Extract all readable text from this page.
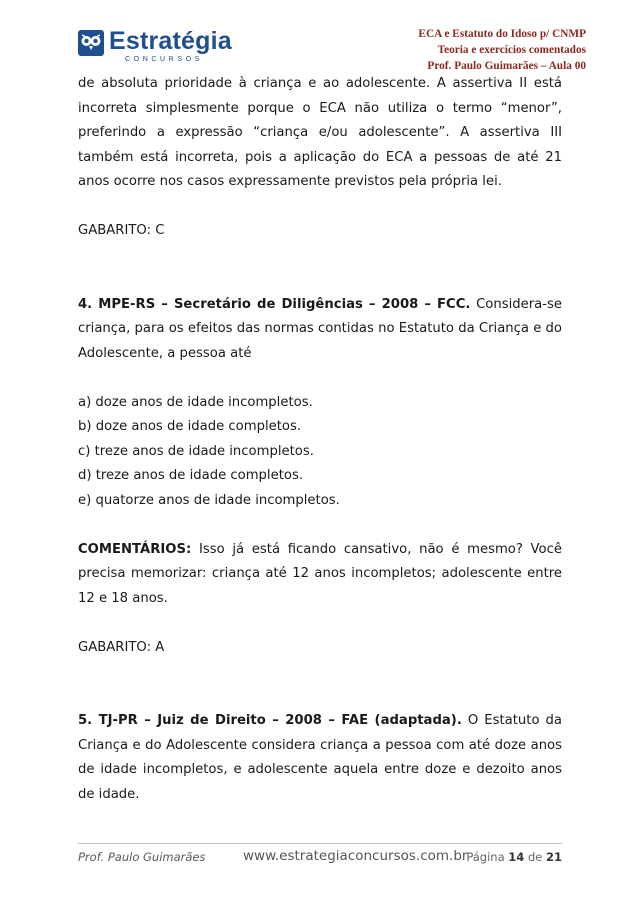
Estratégia
CONCURSOS
ECA e Estatuto do Idoso p/ CNMP
Teoria e exercícios comentados
Prof. Paulo Guimarães – Aula 00

de absoluta prioridade à criança e ao adolescente. A assertiva II está incorreta simplesmente porque o ECA não utiliza o termo “menor”, preferindo a expressão “criança e/ou adolescente”. A assertiva III também está incorreta, pois a aplicação do ECA a pessoas de até 21 anos ocorre nos casos expressamente previstos pela própria lei.

GABARITO: C

4. MPE-RS – Secretário de Diligências – 2008 – FCC. Considera-se criança, para os efeitos das normas contidas no Estatuto da Criança e do Adolescente, a pessoa até

a) doze anos de idade incompletos.

b) doze anos de idade completos.

c) treze anos de idade incompletos.

d) treze anos de idade completos.

e) quatorze anos de idade incompletos.

COMENTÁRIOS: Isso já está ficando cansativo, não é mesmo? Você precisa memorizar: criança até 12 anos incompletos; adolescente entre 12 e 18 anos.

GABARITO: A

5. TJ-PR – Juiz de Direito – 2008 – FAE (adaptada). O Estatuto da Criança e do Adolescente considera criança a pessoa com até doze anos de idade incompletos, e adolescente aquela entre doze e dezoito anos de idade.

Prof. Paulo Guimarães	www.estrategiaconcursos.com.br
Página 14 de 21
